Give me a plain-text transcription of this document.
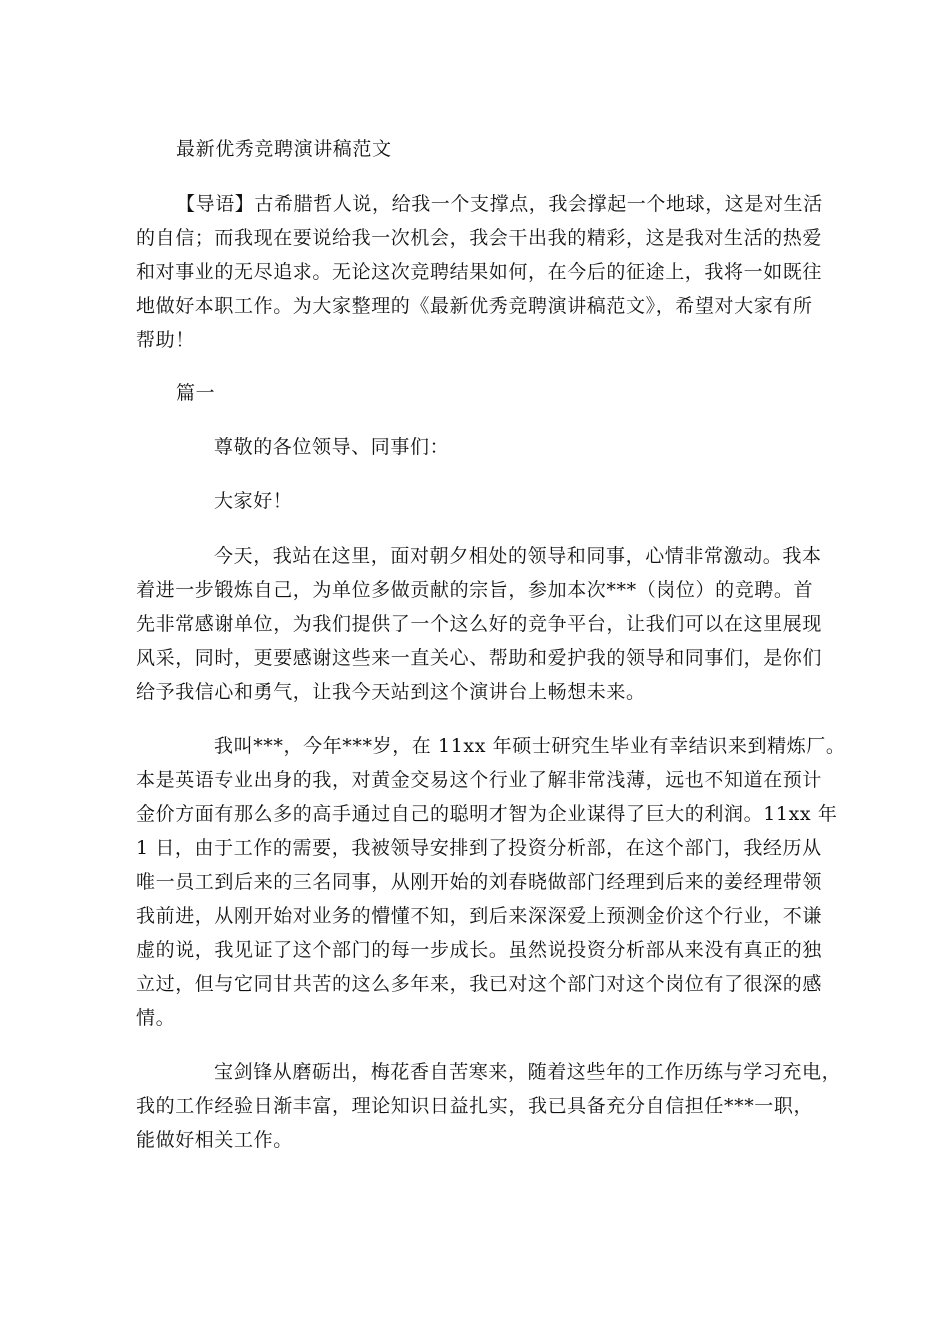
最新优秀竞聘演讲稿范文
【导语】古希腊哲人说，给我一个支撑点，我会撑起一个地球，这是对生活
的自信；而我现在要说给我一次机会，我会干出我的精彩，这是我对生活的热爱
和对事业的无尽追求。无论这次竞聘结果如何，在今后的征途上，我将一如既往
地做好本职工作。为大家整理的《最新优秀竞聘演讲稿范文》，希望对大家有所
帮助！
篇一
尊敬的各位领导、同事们：
大家好！
今天，我站在这里，面对朝夕相处的领导和同事，心情非常激动。我本
着进一步锻炼自己，为单位多做贡献的宗旨，参加本次***（岗位）的竞聘。首
先非常感谢单位，为我们提供了一个这么好的竞争平台，让我们可以在这里展现
风采，同时，更要感谢这些来一直关心、帮助和爱护我的领导和同事们，是你们
给予我信心和勇气，让我今天站到这个演讲台上畅想未来。
我叫***，今年***岁，在 11xx 年硕士研究生毕业有幸结识来到精炼厂。
本是英语专业出身的我，对黄金交易这个行业了解非常浅薄，远也不知道在预计
金价方面有那么多的高手通过自己的聪明才智为企业谋得了巨大的利润。11xx 年
1 日，由于工作的需要，我被领导安排到了投资分析部，在这个部门，我经历从
唯一员工到后来的三名同事，从刚开始的刘春晓做部门经理到后来的姜经理带领
我前进，从刚开始对业务的懵懂不知，到后来深深爱上预测金价这个行业，不谦
虚的说，我见证了这个部门的每一步成长。虽然说投资分析部从来没有真正的独
立过，但与它同甘共苦的这么多年来，我已对这个部门对这个岗位有了很深的感
情。
宝剑锋从磨砺出，梅花香自苦寒来，随着这些年的工作历练与学习充电，
我的工作经验日渐丰富，理论知识日益扎实，我已具备充分自信担任***一职，
能做好相关工作。
